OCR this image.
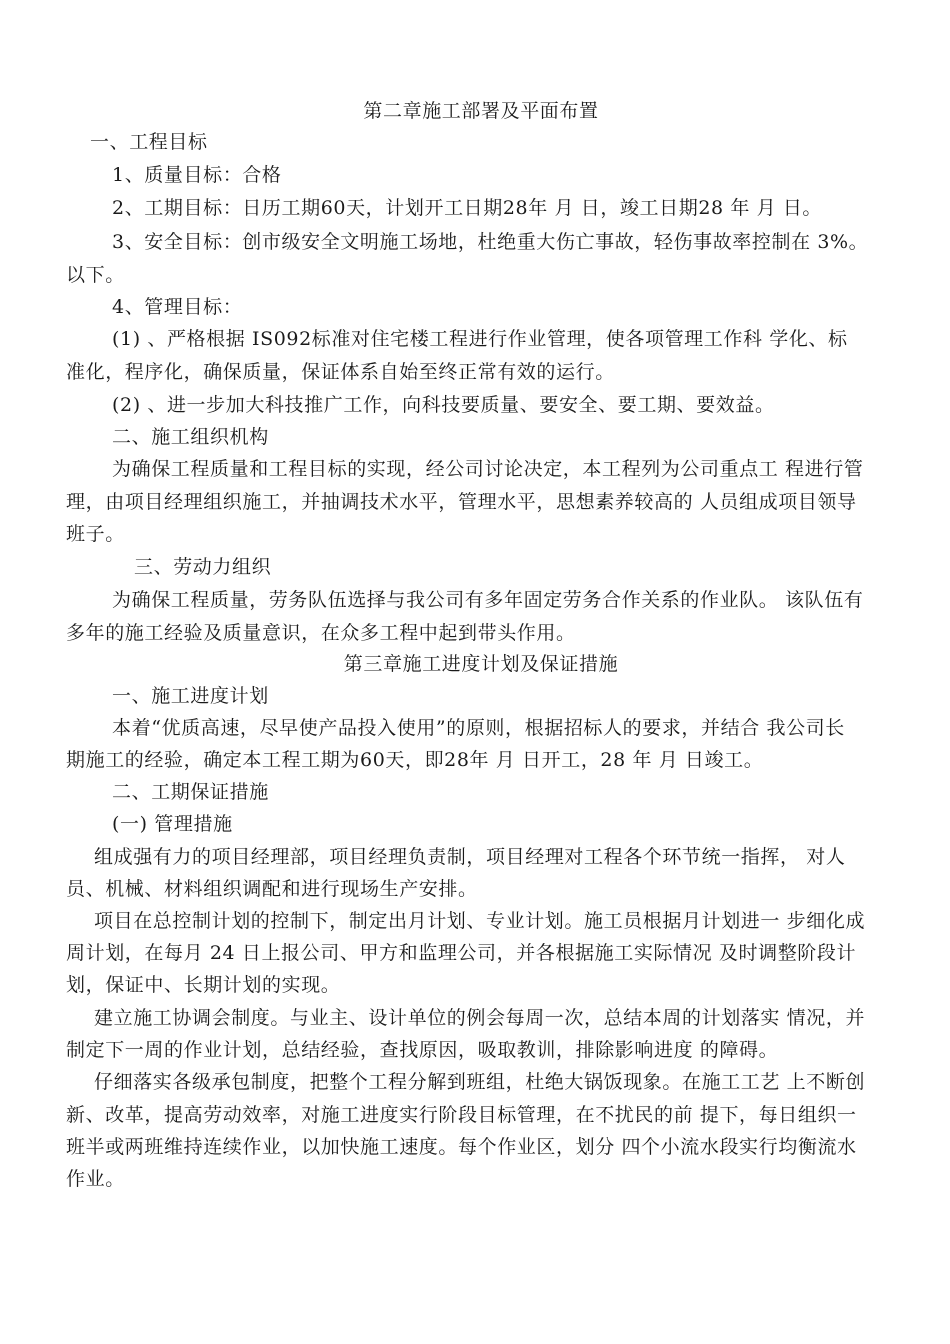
第二章施工部署及平面布置
一、工程目标
1、质量目标：合格
2、工期目标：日历工期60天，计划开工日期28年 月 日，竣工日期28 年 月 日。
3、安全目标：创市级安全文明施工场地，杜绝重大伤亡事故，轻伤事故率控制在 3%。
以下。
4、管理目标：
(1) 、严格根据 IS092标准对住宅楼工程进行作业管理，使各项管理工作科 学化、标
准化，程序化，确保质量，保证体系自始至终正常有效的运行。
(2) 、进一步加大科技推广工作，向科技要质量、要安全、要工期、要效益。
二、施工组织机构
为确保工程质量和工程目标的实现，经公司讨论决定，本工程列为公司重点工 程进行管
理，由项目经理组织施工，并抽调技术水平，管理水平，思想素养较高的 人员组成项目领导
班子。
三、劳动力组织
为确保工程质量，劳务队伍选择与我公司有多年固定劳务合作关系的作业队。 该队伍有
多年的施工经验及质量意识，在众多工程中起到带头作用。
第三章施工进度计划及保证措施
一、施工进度计划
本着“优质高速，尽早使产品投入使用”的原则，根据招标人的要求，并结合 我公司长
期施工的经验，确定本工程工期为60天，即28年 月 日开工，28 年 月 日竣工。
二、工期保证措施
(一) 管理措施
组成强有力的项目经理部，项目经理负责制，项目经理对工程各个环节统一指挥， 对人
员、机械、材料组织调配和进行现场生产安排。
项目在总控制计划的控制下，制定出月计划、专业计划。施工员根据月计划进一 步细化成
周计划，在每月 24 日上报公司、甲方和监理公司，并各根据施工实际情况 及时调整阶段计
划，保证中、长期计划的实现。
建立施工协调会制度。与业主、设计单位的例会每周一次，总结本周的计划落实 情况，并
制定下一周的作业计划，总结经验，查找原因，吸取教训，排除影响进度 的障碍。
仔细落实各级承包制度，把整个工程分解到班组，杜绝大锅饭现象。在施工工艺 上不断创
新、改革，提高劳动效率，对施工进度实行阶段目标管理，在不扰民的前 提下，每日组织一
班半或两班维持连续作业，以加快施工速度。每个作业区，划分 四个小流水段实行均衡流水
作业。
